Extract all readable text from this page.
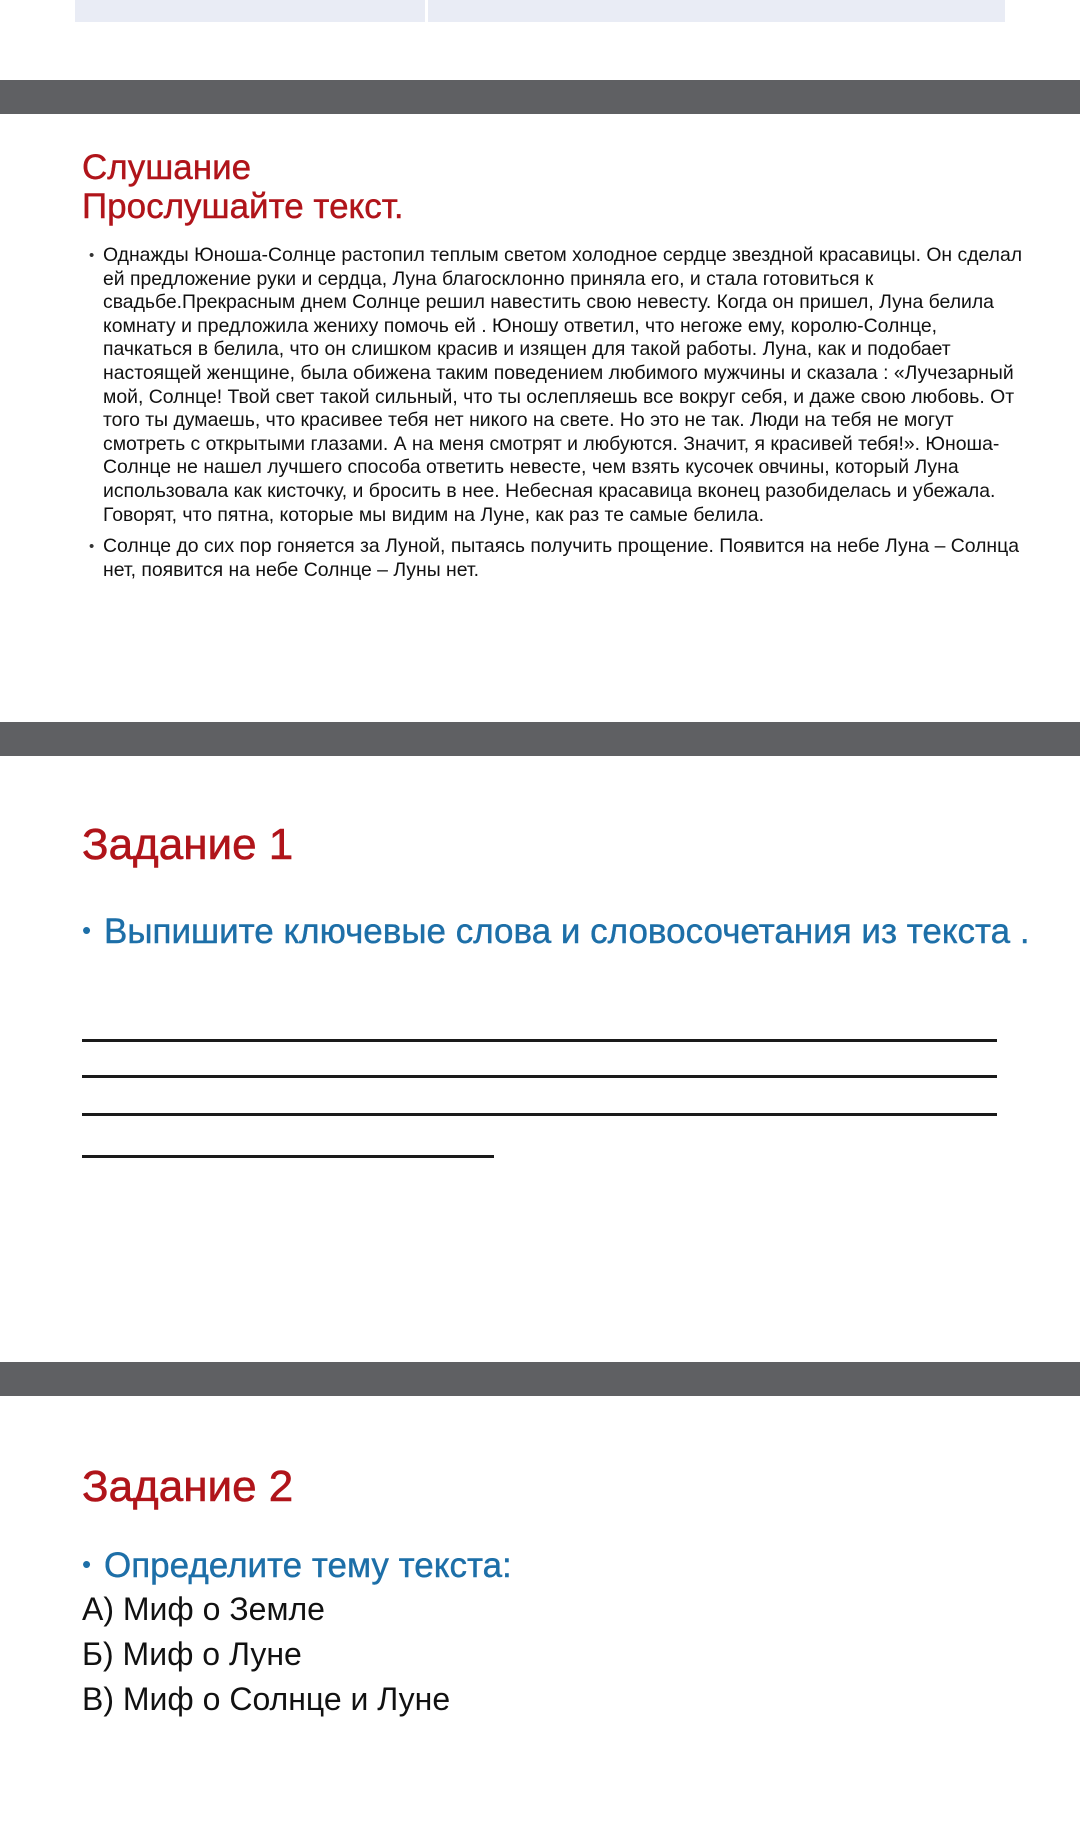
Слушание
Прослушайте текст.
• Однажды Юноша-Солнце растопил теплым светом холодное сердце звездной красавицы. Он сделал ей предложение руки и сердца, Луна благосклонно приняла его, и стала готовиться к свадьбе.Прекрасным днем Солнце решил навестить свою невесту. Когда он пришел, Луна белила комнату и предложила жениху помочь ей . Юношу ответил, что негоже ему, королю-Солнце, пачкаться в белила, что он слишком красив и изящен для такой работы. Луна, как и подобает настоящей женщине, была обижена таким поведением любимого мужчины и сказала : «Лучезарный мой, Солнце! Твой свет такой сильный, что ты ослепляешь все вокруг себя, и даже свою любовь. От того ты думаешь, что красивее тебя нет никого на свете. Но это не так. Люди на тебя не могут смотреть с открытыми глазами. А на меня смотрят и любуются. Значит, я красивей тебя!». Юноша-Солнце не нашел лучшего способа ответить невесте, чем взять кусочек овчины, который Луна использовала как кисточку, и бросить в нее. Небесная красавица вконец разобиделась и убежала. Говорят, что пятна, которые мы видим на Луне, как раз те самые белила.
• Солнце до сих пор гоняется за Луной, пытаясь получить прощение. Появится на небе Луна – Солнца нет, появится на небе Солнце – Луны нет.
Задание 1
• Выпишите ключевые слова и словосочетания из текста .
Задание 2
• Определите тему текста:
А) Миф о Земле
Б) Миф о Луне
В) Миф о Солнце и Луне
